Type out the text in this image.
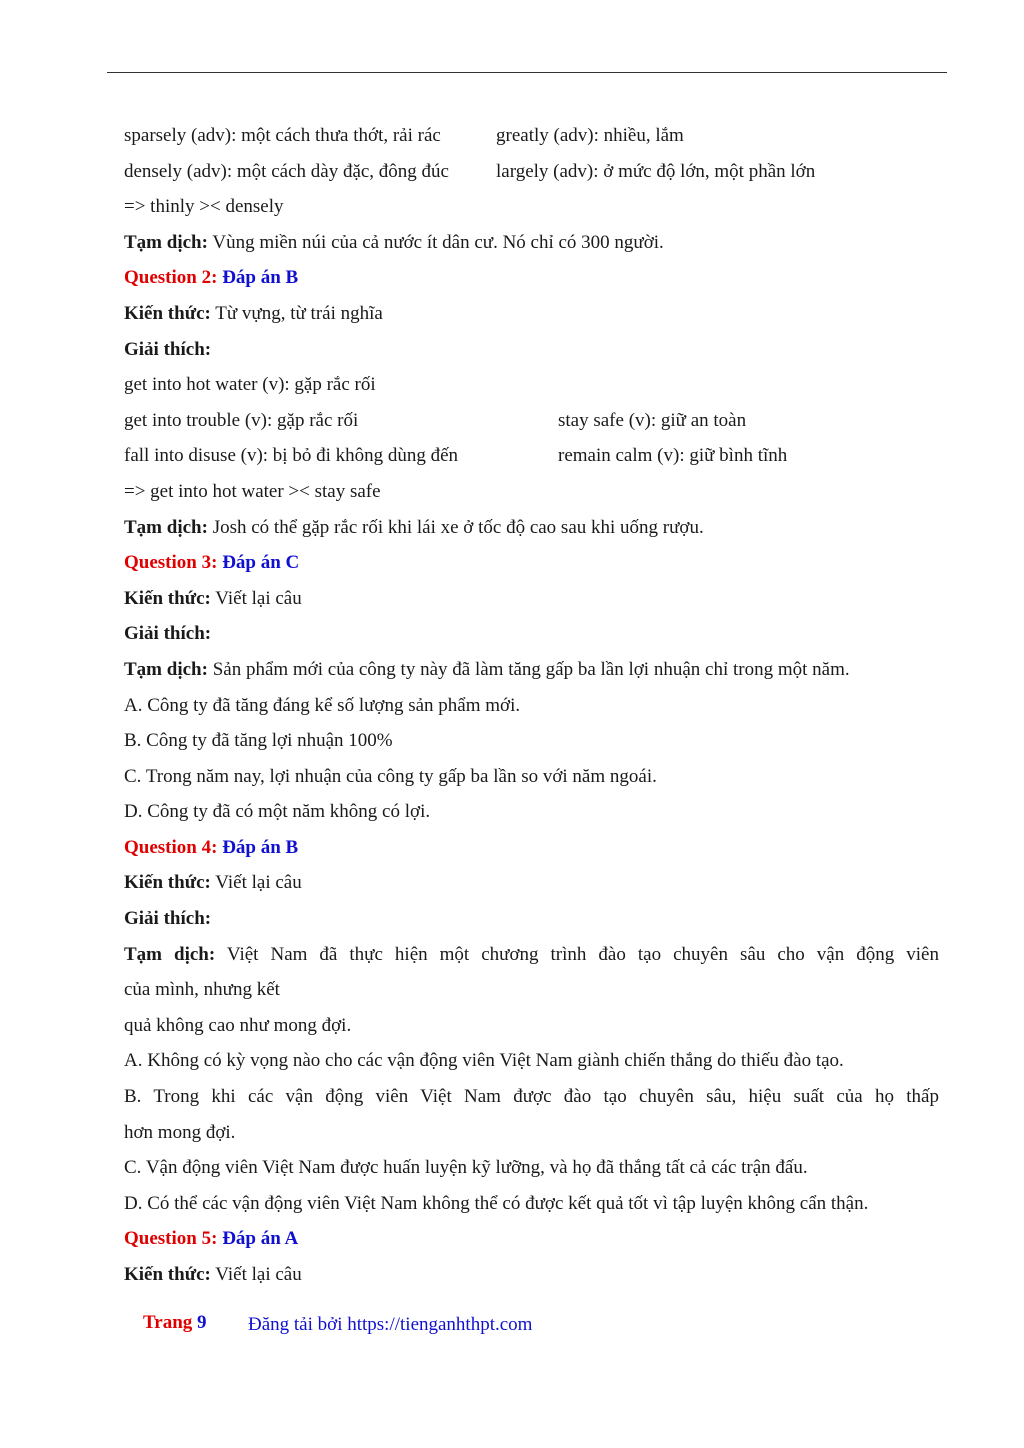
sparsely (adv): một cách thưa thớt, rải rác	greatly (adv): nhiều, lắm
densely (adv): một cách dày đặc, đông đúc largely (adv): ở mức độ lớn, một phần lớn
=> thinly >< densely
Tạm dịch: Vùng miền núi của cả nước ít dân cư. Nó chỉ có 300 người.
Question 2: Đáp án B
Kiến thức: Từ vựng, từ trái nghĩa
Giải thích:
get into hot water (v): gặp rắc rối
get into trouble (v): gặp rắc rối	stay safe (v): giữ an toàn
fall into disuse (v): bị bỏ đi không dùng đến	remain calm (v): giữ bình tĩnh
=> get into hot water >< stay safe
Tạm dịch: Josh có thể gặp rắc rối khi lái xe ở tốc độ cao sau khi uống rượu.
Question 3: Đáp án C
Kiến thức: Viết lại câu
Giải thích:
Tạm dịch: Sản phẩm mới của công ty này đã làm tăng gấp ba lần lợi nhuận chỉ trong một năm.
A. Công ty đã tăng đáng kể số lượng sản phẩm mới.
B. Công ty đã tăng lợi nhuận 100%
C. Trong năm nay, lợi nhuận của công ty gấp ba lần so với năm ngoái.
D. Công ty đã có một năm không có lợi.
Question 4: Đáp án B
Kiến thức: Viết lại câu
Giải thích:
Tạm dịch: Việt Nam đã thực hiện một chương trình đào tạo chuyên sâu cho vận động viên
của mình, nhưng kết
quả không cao như mong đợi.
A. Không có kỳ vọng nào cho các vận động viên Việt Nam giành chiến thắng do thiếu đào tạo.
B. Trong khi các vận động viên Việt Nam được đào tạo chuyên sâu, hiệu suất của họ thấp
hơn mong đợi.
C. Vận động viên Việt Nam được huấn luyện kỹ lưỡng, và họ đã thắng tất cả các trận đấu.
D. Có thể các vận động viên Việt Nam không thể có được kết quả tốt vì tập luyện không cẩn thận.
Question 5: Đáp án A
Kiến thức: Viết lại câu
Trang 9 Đăng tải bởi https://tienganhthpt.com
